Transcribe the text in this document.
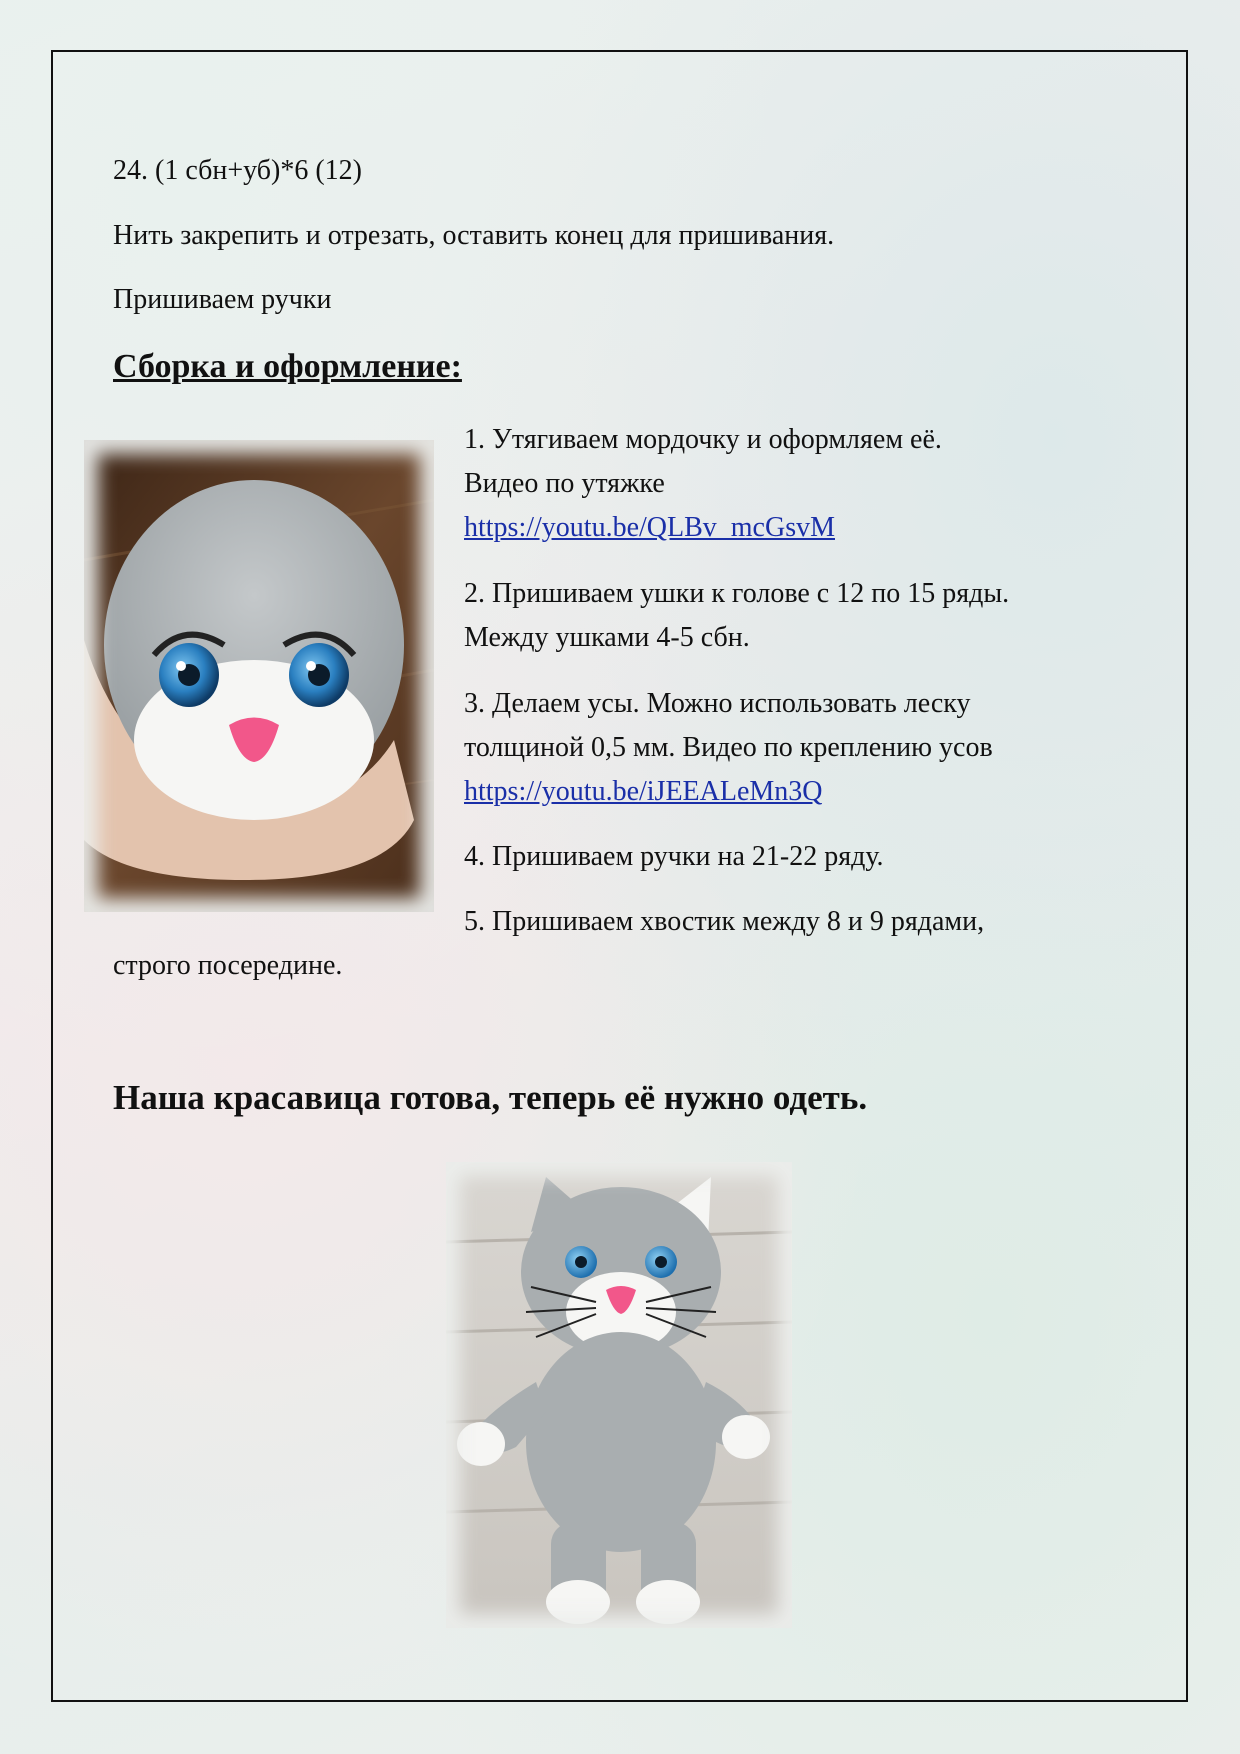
24. (1 сбн+уб)*6 (12)
Нить закрепить и отрезать, оставить конец для пришивания.
Пришиваем ручки
Сборка и оформление:
1. Утягиваем мордочку и оформляем её.
Видео по утяжке
https://youtu.be/QLBv_mcGsvM
2. Пришиваем ушки к голове с 12 по 15 ряды.
Между ушками 4-5 сбн.
3. Делаем усы. Можно использовать леску
толщиной 0,5 мм. Видео по креплению усов
https://youtu.be/iJEEALeMn3Q
4. Пришиваем ручки на 21-22 ряду.
5. Пришиваем хвостик между 8 и 9 рядами,
строго посередине.
Наша красавица готова, теперь её нужно одеть.
